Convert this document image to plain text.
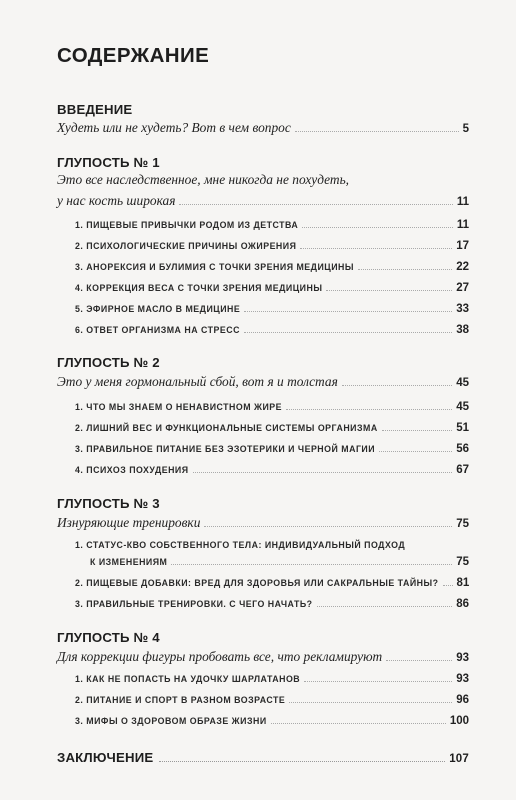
СОДЕРЖАНИЕ
ВВЕДЕНИЕ
Худеть или не худеть? Вот в чем вопрос	5
ГЛУПОСТЬ № 1
Это все наследственное, мне никогда не похудеть,
у нас кость широкая	11
1. ПИЩЕВЫЕ ПРИВЫЧКИ РОДОМ ИЗ ДЕТСТВА	11
2. ПСИХОЛОГИЧЕСКИЕ ПРИЧИНЫ ОЖИРЕНИЯ	17
3. АНОРЕКСИЯ И БУЛИМИЯ С ТОЧКИ ЗРЕНИЯ МЕДИЦИНЫ	22
4. КОРРЕКЦИЯ ВЕСА С ТОЧКИ ЗРЕНИЯ МЕДИЦИНЫ	27
5. ЭФИРНОЕ МАСЛО В МЕДИЦИНЕ	33
6. ОТВЕТ ОРГАНИЗМА НА СТРЕСС	38
ГЛУПОСТЬ № 2
Это у меня гормональный сбой, вот я и толстая	45
1. ЧТО МЫ ЗНАЕМ О НЕНАВИСТНОМ ЖИРЕ	45
2. ЛИШНИЙ ВЕС И ФУНКЦИОНАЛЬНЫЕ СИСТЕМЫ ОРГАНИЗМА	51
3. ПРАВИЛЬНОЕ ПИТАНИЕ БЕЗ ЭЗОТЕРИКИ И ЧЕРНОЙ МАГИИ	56
4. ПСИХОЗ ПОХУДЕНИЯ	67
ГЛУПОСТЬ № 3
Изнуряющие тренировки	75
1. СТАТУС-КВО СОБСТВЕННОГО ТЕЛА: ИНДИВИДУАЛЬНЫЙ ПОДХОД
К ИЗМЕНЕНИЯМ	75
2. ПИЩЕВЫЕ ДОБАВКИ: ВРЕД ДЛЯ ЗДОРОВЬЯ ИЛИ САКРАЛЬНЫЕ ТАЙНЫ? 81
3. ПРАВИЛЬНЫЕ ТРЕНИРОВКИ. С ЧЕГО НАЧАТЬ?	86
ГЛУПОСТЬ № 4
Для коррекции фигуры пробовать все, что рекламируют	93
1. КАК НЕ ПОПАСТЬ НА УДОЧКУ ШАРЛАТАНОВ	93
2. ПИТАНИЕ И СПОРТ В РАЗНОМ ВОЗРАСТЕ	96
3. МИФЫ О ЗДОРОВОМ ОБРАЗЕ ЖИЗНИ	100
ЗАКЛЮЧЕНИЕ	107
